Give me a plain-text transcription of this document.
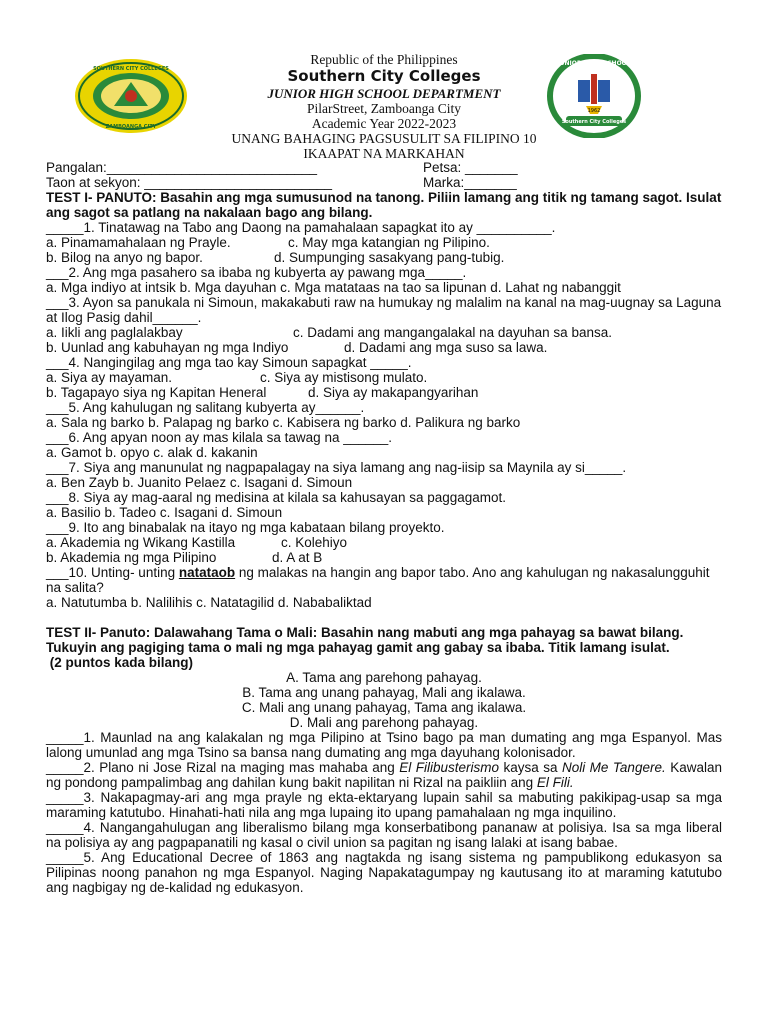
SOUTHERN CITY COLLEGES
ZAMBOANGA CITY
1962
JUNIOR HIGH SCHOOL
Southern City Colleges
Republic of the Philippines
Southern City Colleges
JUNIOR HIGH SCHOOL DEPARTMENT
PilarStreet, Zamboanga City
Academic Year 2022-2023
UNANG BAHAGING PAGSUSULIT SA FILIPINO 10
IKAAPAT NA MARKAHAN
Pangalan:____________________________	Petsa: _______
Taon at sekyon: _________________________	Marka:_______
TEST I- PANUTO: Basahin ang mga sumusunod na tanong. Piliin lamang ang titik ng tamang sagot. Isulat ang sagot sa patlang na nakalaan bago ang bilang.
_____1. Tinatawag na Tabo ang Daong na pamahalaan sapagkat ito ay __________.
a. Pinamamahalaan ng Prayle.	c. May mga katangian ng Pilipino.
b. Bilog na anyo ng bapor.	d. Sumpunging sasakyang pang-tubig.
___2. Ang mga pasahero sa ibaba ng kubyerta ay pawang mga_____.
a. Mga indiyo at intsik b. Mga dayuhan c. Mga matataas na tao sa lipunan d. Lahat ng nabanggit
___3. Ayon sa panukala ni Simoun, makakabuti raw na humukay ng malalim na kanal na mag-uugnay sa Laguna at Ilog Pasig dahil______.
a. Iikli ang paglalakbay	c. Dadami ang mangangalakal na dayuhan sa bansa.
b. Uunlad ang kabuhayan ng mga Indiyo	d. Dadami ang mga suso sa lawa.
___4. Nangingilag ang mga tao kay Simoun sapagkat _____.
a. Siya ay mayaman.	c. Siya ay mistisong mulato.
b. Tagapayo siya ng Kapitan Heneral	d. Siya ay makapangyarihan
___5. Ang kahulugan ng salitang kubyerta ay______.
a. Sala ng barko b. Palapag ng barko c. Kabisera ng barko d. Palikura ng barko
___6. Ang apyan noon ay mas kilala sa tawag na ______.
a. Gamot b. opyo c. alak d. kakanin
___7. Siya ang manunulat ng nagpapalagay na siya lamang ang nag-iisip sa Maynila ay si_____.
a. Ben Zayb b. Juanito Pelaez c. Isagani d. Simoun
___8. Siya ay mag-aaral ng medisina at kilala sa kahusayan sa paggagamot.
a. Basilio b. Tadeo c. Isagani d. Simoun
___9. Ito ang binabalak na itayo ng mga kabataan bilang proyekto.
a. Akademia ng Wikang Kastilla	c. Kolehiyo
b. Akademia ng mga Pilipino	d. A at B
___10. Unting- unting natataob ng malakas na hangin ang bapor tabo. Ano ang kahulugan ng nakasalungguhit na salita?
a. Natutumba b. Nalilihis c. Natatagilid d. Nababaliktad
TEST II- Panuto: Dalawahang Tama o Mali: Basahin nang mabuti ang mga pahayag sa bawat bilang. Tukuyin ang pagiging tama o mali ng mga pahayag gamit ang gabay sa ibaba. Titik lamang isulat.
(2 puntos kada bilang)
A. Tama ang parehong pahayag.
B. Tama ang unang pahayag, Mali ang ikalawa.
C. Mali ang unang pahayag, Tama ang ikalawa.
D. Mali ang parehong pahayag.
_____1. Maunlad na ang kalakalan ng mga Pilipino at Tsino bago pa man dumating ang mga Espanyol. Mas lalong umunlad ang mga Tsino sa bansa nang dumating ang mga dayuhang kolonisador.
_____2. Plano ni Jose Rizal na maging mas mahaba ang El Filibusterismo kaysa sa Noli Me Tangere. Kawalan ng pondong pampalimbag ang dahilan kung bakit napilitan ni Rizal na paikliin ang El Fili.
_____3. Nakapagmay-ari ang mga prayle ng ekta-ektaryang lupain sahil sa mabuting pakikipag-usap sa mga maraming katutubo. Hinahati-hati nila ang mga lupaing ito upang pamahalaan ng mga inquilino.
_____4. Nangangahulugan ang liberalismo bilang mga konserbatibong pananaw at polisiya. Isa sa mga liberal na polisiya ay ang pagpapanatili ng kasal o civil union sa pagitan ng isang lalaki at isang babae.
_____5. Ang Educational Decree of 1863 ang nagtakda ng isang sistema ng pampublikong edukasyon sa Pilipinas noong panahon ng mga Espanyol. Naging Napakatagumpay ng kautusang ito at maraming katutubo ang nagbigay ng de-kalidad ng edukasyon.
